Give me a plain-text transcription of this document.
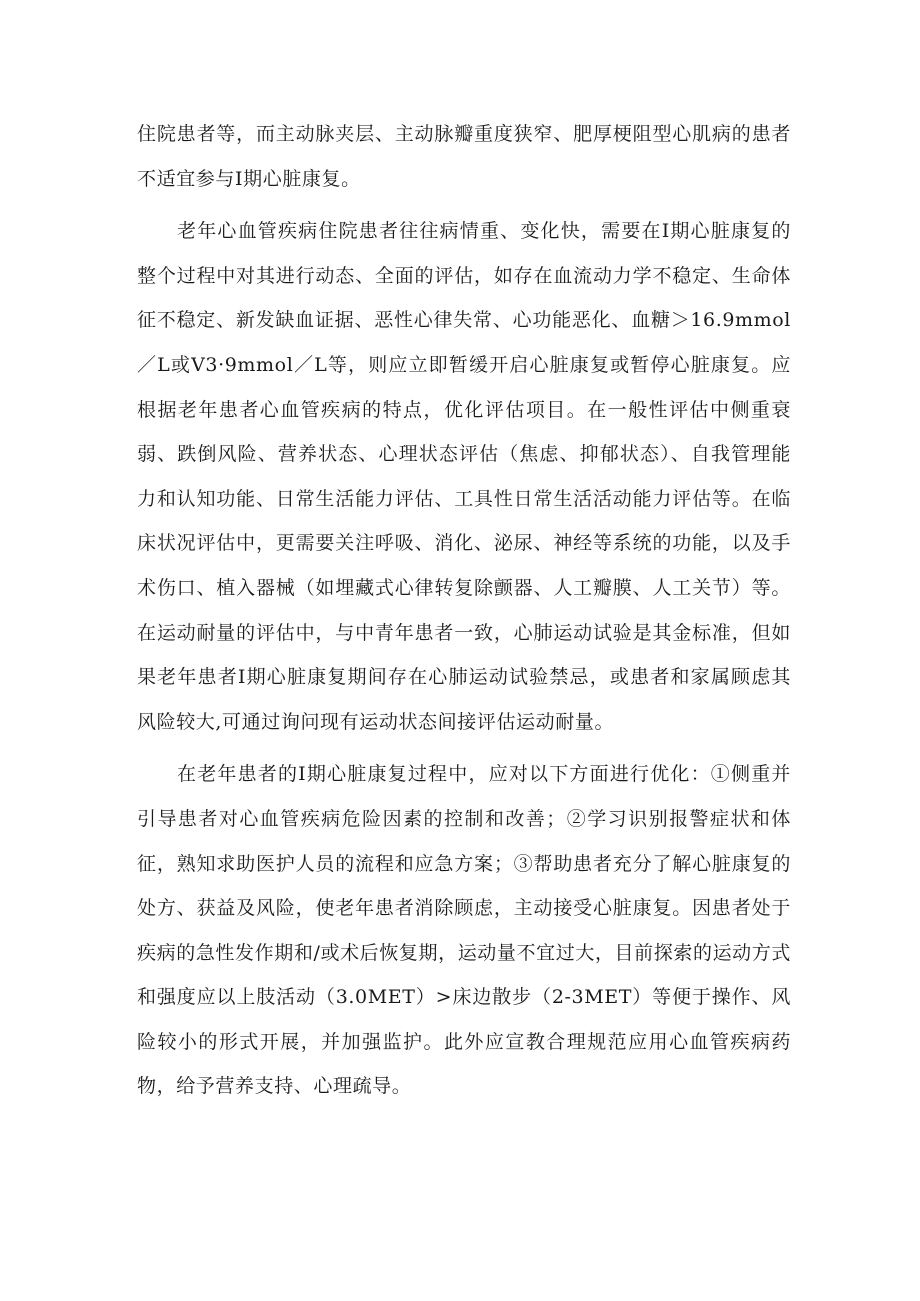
住院患者等，而主动脉夹层、主动脉瓣重度狭窄、肥厚梗阻型心肌病的患者不适宜参与I期心脏康复。

老年心血管疾病住院患者往往病情重、变化快，需要在I期心脏康复的整个过程中对其进行动态、全面的评估，如存在血流动力学不稳定、生命体征不稳定、新发缺血证据、恶性心律失常、心功能恶化、血糖＞16.9mmol／L或V3·9mmol／L等，则应立即暂缓开启心脏康复或暂停心脏康复。应根据老年患者心血管疾病的特点，优化评估项目。在一般性评估中侧重衰弱、跌倒风险、营养状态、心理状态评估（焦虑、抑郁状态）、自我管理能力和认知功能、日常生活能力评估、工具性日常生活活动能力评估等。在临床状况评估中，更需要关注呼吸、消化、泌尿、神经等系统的功能，以及手术伤口、植入器械（如埋藏式心律转复除颤器、人工瓣膜、人工关节）等。在运动耐量的评估中，与中青年患者一致，心肺运动试验是其金标准，但如果老年患者I期心脏康复期间存在心肺运动试验禁忌，或患者和家属顾虑其风险较大,可通过询问现有运动状态间接评估运动耐量。

在老年患者的I期心脏康复过程中，应对以下方面进行优化：①侧重并引导患者对心血管疾病危险因素的控制和改善；②学习识别报警症状和体征，熟知求助医护人员的流程和应急方案；③帮助患者充分了解心脏康复的处方、获益及风险，使老年患者消除顾虑，主动接受心脏康复。因患者处于疾病的急性发作期和/或术后恢复期，运动量不宜过大，目前探索的运动方式和强度应以上肢活动（3.0MET）>床边散步（2-3MET）等便于操作、风险较小的形式开展，并加强监护。此外应宣教合理规范应用心血管疾病药物，给予营养支持、心理疏导。
